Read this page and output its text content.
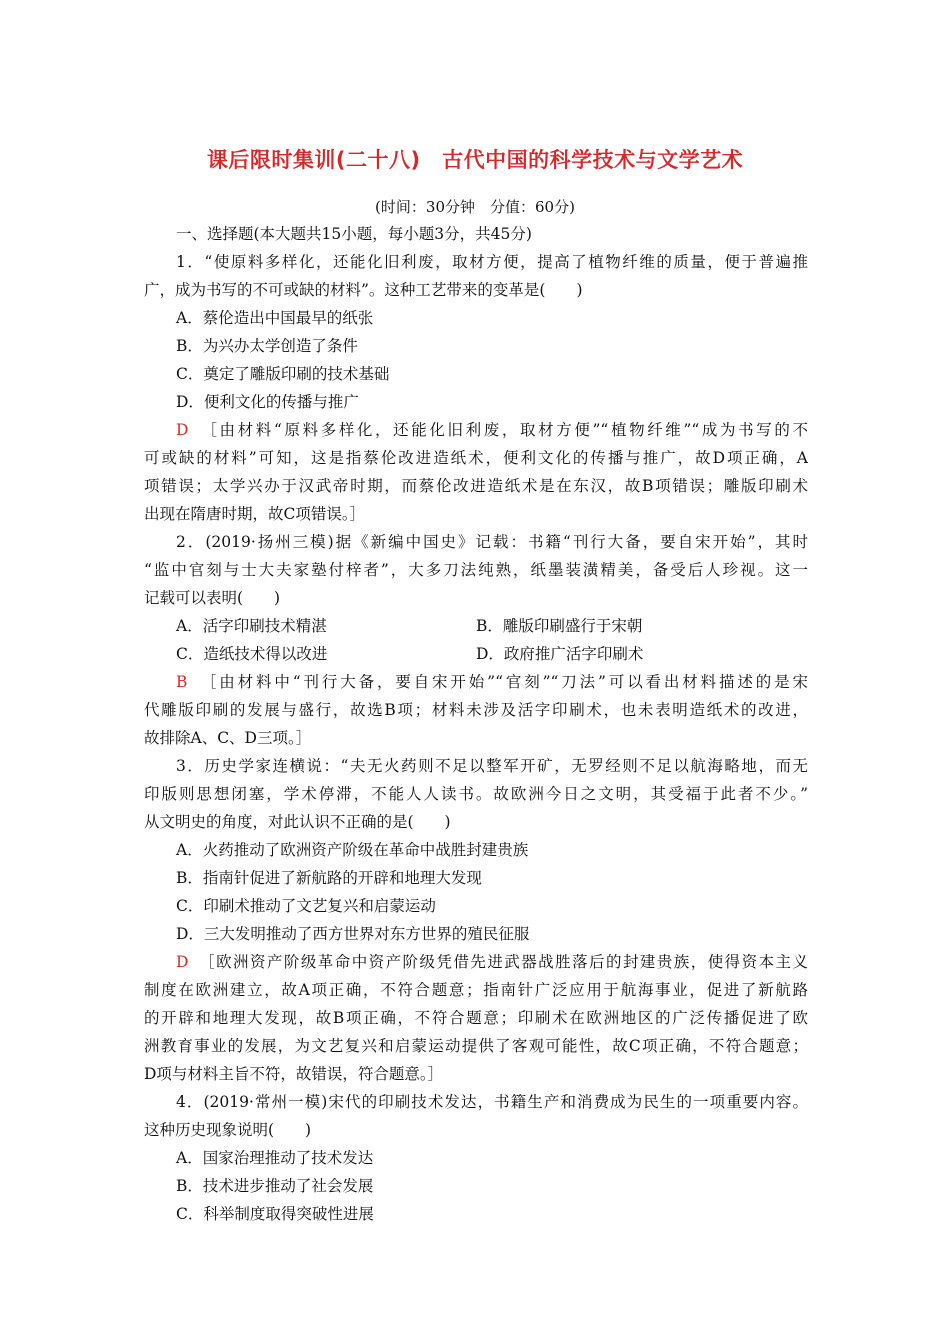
课后限时集训(二十八)　古代中国的科学技术与文学艺术
(时间：30分钟　分值：60分)
一、选择题(本大题共15小题，每小题3分，共45分)
1．“使原料多样化，还能化旧利废，取材方便，提高了植物纤维的质量，便于普遍推
广，成为书写的不可或缺的材料”。这种工艺带来的变革是(　　)
A．蔡伦造出中国最早的纸张
B．为兴办太学创造了条件
C．奠定了雕版印刷的技术基础
D．便利文化的传播与推广
D　 ［由材料“原料多样化，还能化旧利废，取材方便”“植物纤维”“成为书写的不
可或缺的材料”可知，这是指蔡伦改进造纸术，便利文化的传播与推广，故D项正确，A
项错误；太学兴办于汉武帝时期，而蔡伦改进造纸术是在东汉，故B项错误；雕版印刷术
出现在隋唐时期，故C项错误。］
2．(2019·扬州三模)据《新编中国史》记载：书籍“刊行大备，要自宋开始”，其时
“监中官刻与士大夫家塾付梓者”，大多刀法纯熟，纸墨装潢精美，备受后人珍视。这一
记载可以表明(　　)
A．活字印刷技术精湛	B．雕版印刷盛行于宋朝
C．造纸技术得以改进	D．政府推广活字印刷术
B　 ［由材料中“刊行大备，要自宋开始”“官刻”“刀法”可以看出材料描述的是宋
代雕版印刷的发展与盛行，故选B项；材料未涉及活字印刷术，也未表明造纸术的改进，
故排除A、C、D三项。］
3．历史学家连横说：“夫无火药则不足以整军开矿，无罗经则不足以航海略地，而无
印版则思想闭塞，学术停滞，不能人人读书。故欧洲今日之文明，其受福于此者不少。”
从文明史的角度，对此认识不正确的是(　　)
A．火药推动了欧洲资产阶级在革命中战胜封建贵族
B．指南针促进了新航路的开辟和地理大发现
C．印刷术推动了文艺复兴和启蒙运动
D．三大发明推动了西方世界对东方世界的殖民征服
D　 ［欧洲资产阶级革命中资产阶级凭借先进武器战胜落后的封建贵族，使得资本主义
制度在欧洲建立，故A项正确，不符合题意；指南针广泛应用于航海事业，促进了新航路
的开辟和地理大发现，故B项正确，不符合题意；印刷术在欧洲地区的广泛传播促进了欧
洲教育事业的发展，为文艺复兴和启蒙运动提供了客观可能性，故C项正确，不符合题意；
D项与材料主旨不符，故错误，符合题意。］
4．(2019·常州一模)宋代的印刷技术发达，书籍生产和消费成为民生的一项重要内容。
这种历史现象说明(　　)
A．国家治理推动了技术发达
B．技术进步推动了社会发展
C．科举制度取得突破性进展
